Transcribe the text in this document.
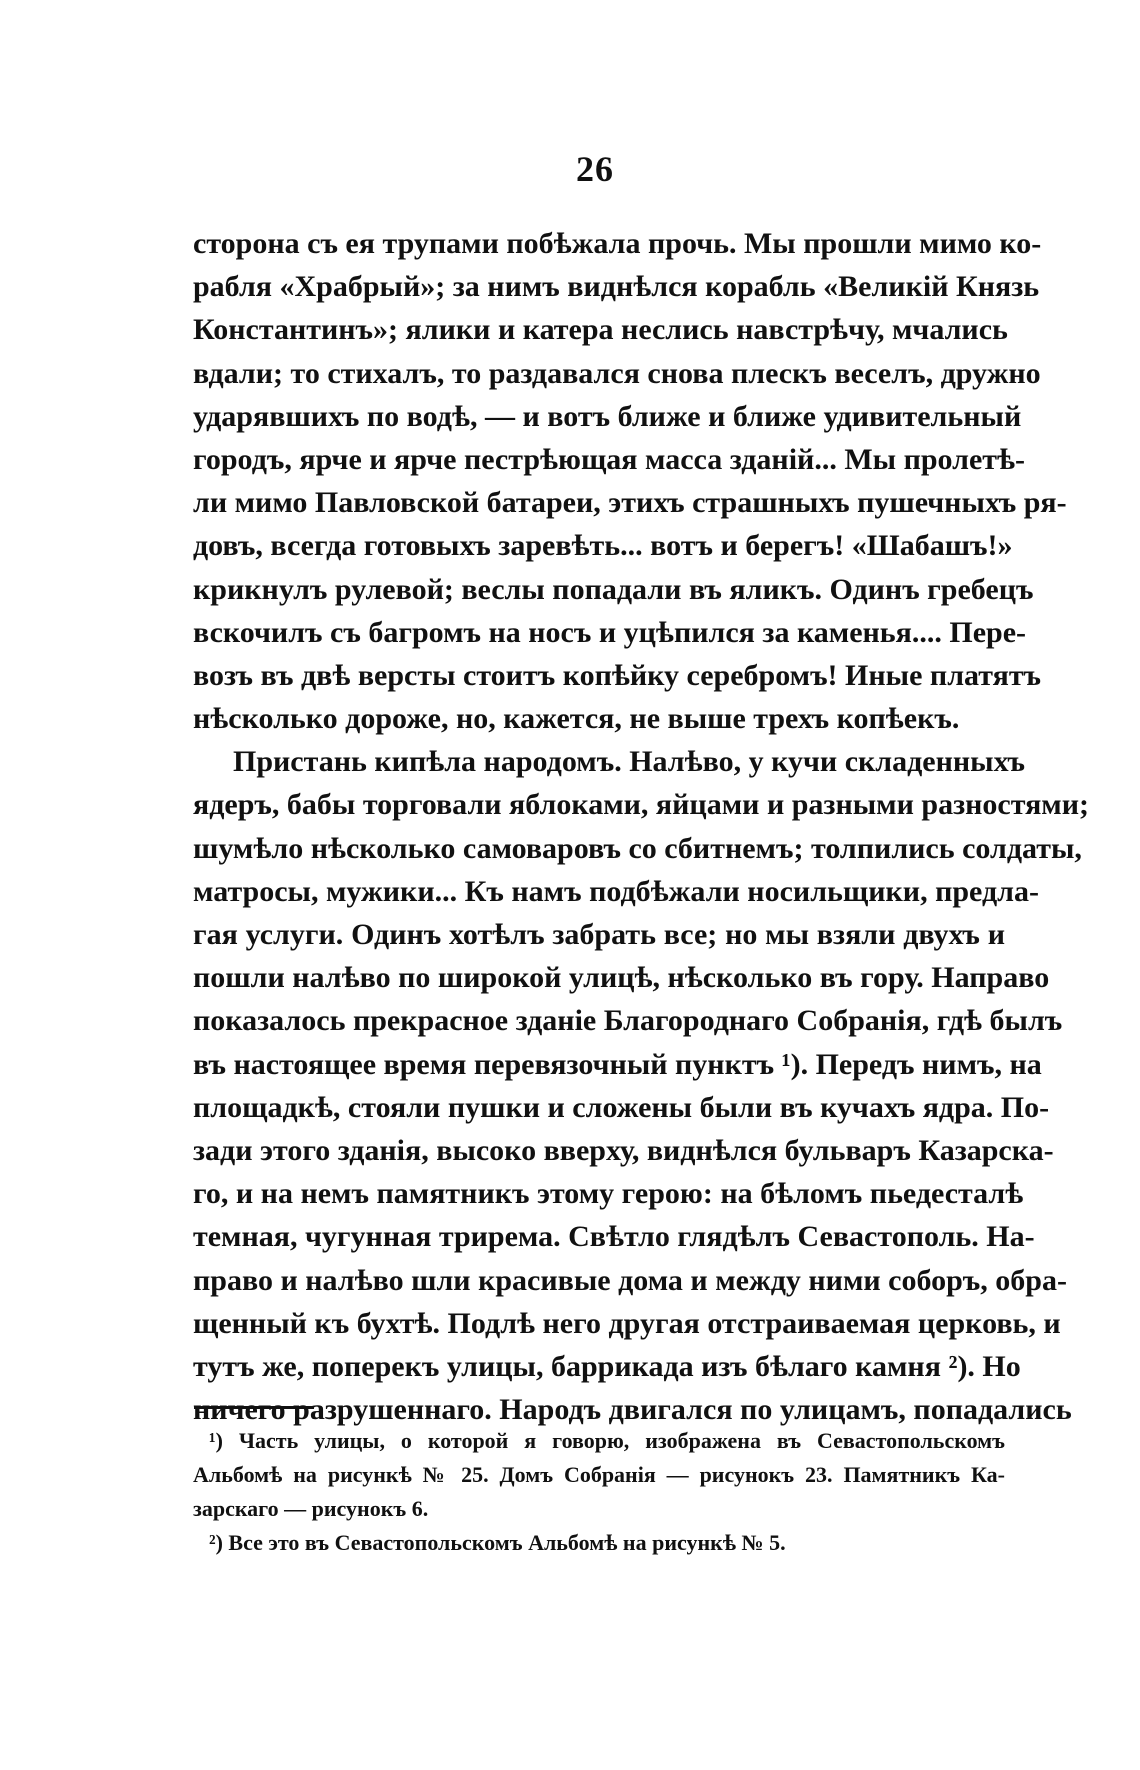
26
сторона съ ея трупами побѣжала прочь. Мы прошли мимо ко-
рабля «Храбрый»; за нимъ виднѣлся корабль «Великій Князь
Константинъ»; ялики и катера неслись навстрѣчу, мчались
вдали; то стихалъ, то раздавался снова плескъ веселъ, дружно
ударявшихъ по водѣ, — и вотъ ближе и ближе удивительный
городъ, ярче и ярче пестрѣющая масса зданій... Мы пролетѣ-
ли мимо Павловской батареи, этихъ страшныхъ пушечныхъ ря-
довъ, всегда готовыхъ заревѣть... вотъ и берегъ! «Шабашъ!»
крикнулъ рулевой; веслы попадали въ яликъ. Одинъ гребецъ
вскочилъ съ багромъ на носъ и уцѣпился за каменья.... Пере-
возъ въ двѣ версты стоитъ копѣйку серебромъ! Иные платятъ
нѣсколько дороже, но, кажется, не выше трехъ копѣекъ.
Пристань кипѣла народомъ. Налѣво, у кучи складенныхъ
ядеръ, бабы торговали яблоками, яйцами и разными разностями;
шумѣло нѣсколько самоваровъ со сбитнемъ; толпились солдаты,
матросы, мужики... Къ намъ подбѣжали носильщики, предла-
гая услуги. Одинъ хотѣлъ забрать все; но мы взяли двухъ и
пошли налѣво по широкой улицѣ, нѣсколько въ гору. Направо
показалось прекрасное зданіе Благороднаго Собранія, гдѣ былъ
въ настоящее время перевязочный пунктъ ¹). Передъ нимъ, на
площадкѣ, стояли пушки и сложены были въ кучахъ ядра. По-
зади этого зданія, высоко вверху, виднѣлся бульваръ Казарска-
го, и на немъ памятникъ этому герою: на бѣломъ пьедесталѣ
темная, чугунная трирема. Свѣтло глядѣлъ Севастополь. На-
право и налѣво шли красивые дома и между ними соборъ, обра-
щенный къ бухтѣ. Подлѣ него другая отстраиваемая церковь, и
тутъ же, поперекъ улицы, баррикада изъ бѣлаго камня ²). Но
ничего разрушеннаго. Народъ двигался по улицамъ, попадались
¹) Часть улицы, о которой я говорю, изображена въ Севастопольскомъ
Альбомѣ на рисункѣ № 25. Домъ Собранія — рисунокъ 23. Памятникъ Ка-
зарскаго — рисунокъ 6.
²) Все это въ Севастопольскомъ Альбомѣ на рисункѣ № 5.
